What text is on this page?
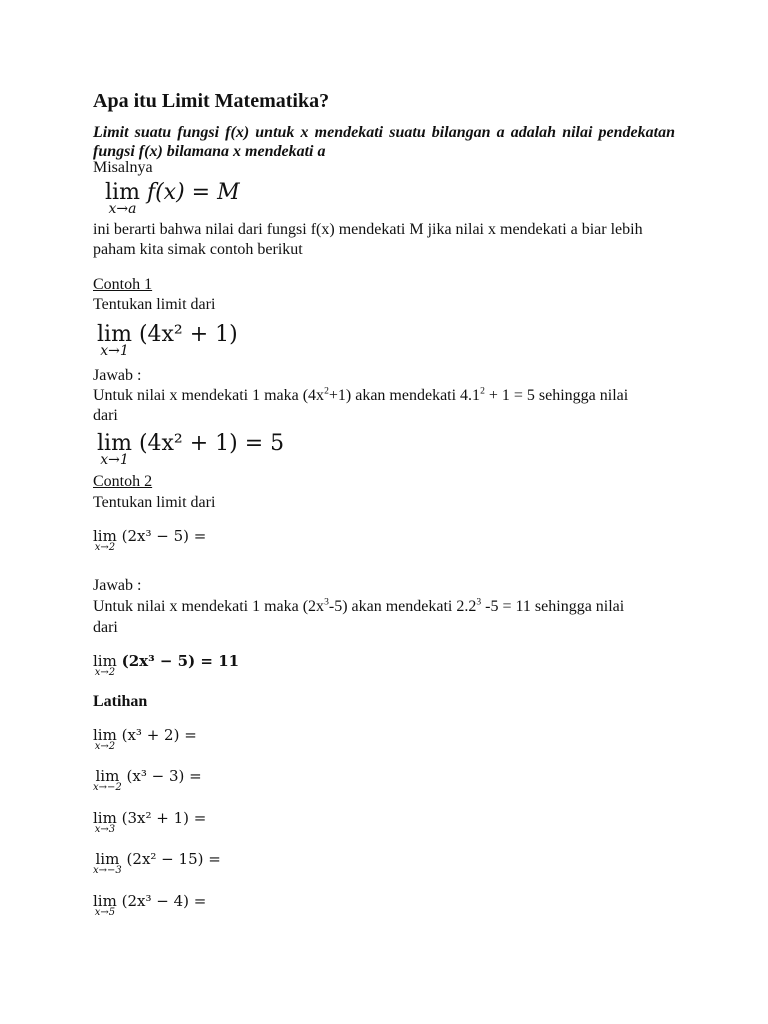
Apa itu Limit Matematika?
Limit suatu fungsi f(x) untuk x mendekati suatu bilangan a adalah nilai pendekatan fungsi f(x) bilamana x mendekati a
Misalnya
lim
x→a
f(x) = M
ini berarti bahwa nilai dari fungsi f(x) mendekati M jika nilai x mendekati a biar lebih paham kita simak contoh berikut
Contoh 1
Tentukan limit dari
lim
x→1
(4x² + 1)
Jawab :
Untuk nilai x mendekati 1 maka $(4x^2+1)$ akan mendekati $4.1^2 + 1 = 5$ sehingga nilai
dari
lim
x→1
(4x² + 1) = 5
Contoh 2
Tentukan limit dari
lim
x→2
(2x³ − 5) =
Jawab :
Untuk nilai x mendekati 1 maka $(2x^3-5)$ akan mendekati $2.2^3$ -5 = 11 sehingga nilai
dari
lim
x→2
(2x³ − 5) = 11
Latihan
lim
x→2
(x³ + 2) =
lim
x→−2
(x³ − 3) =
lim
x→3
(3x² + 1) =
lim
x→−3
(2x² − 15) =
lim
x→5
(2x³ − 4) =
